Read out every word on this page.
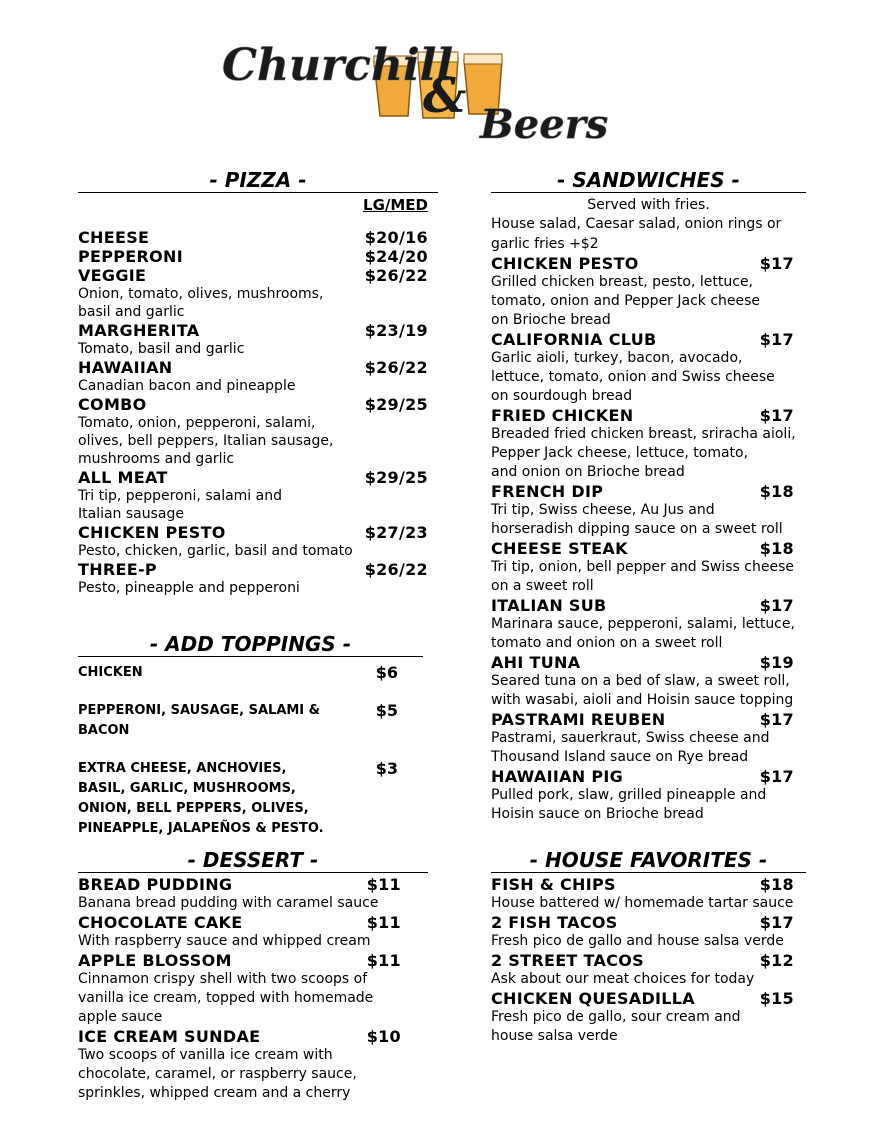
Churchill
&
Beers
- PIZZA -
LG/MED
CHEESE	$20/16
PEPPERONI	$24/20
VEGGIE	$26/22
Onion, tomato, olives, mushrooms,
basil and garlic
MARGHERITA	$23/19
Tomato, basil and garlic
HAWAIIAN	$26/22
Canadian bacon and pineapple
COMBO	$29/25
Tomato, onion, pepperoni, salami,
olives, bell peppers, Italian sausage,
mushrooms and garlic
ALL MEAT	$29/25
Tri tip, pepperoni, salami and
Italian sausage
CHICKEN PESTO	$27/23
Pesto, chicken, garlic, basil and tomato
THREE-P	$26/22
Pesto, pineapple and pepperoni
- ADD TOPPINGS -
CHICKEN	$6
PEPPERONI, SAUSAGE, SALAMI &
BACON
$5
EXTRA CHEESE, ANCHOVIES,
BASIL, GARLIC, MUSHROOMS,
ONION, BELL PEPPERS, OLIVES,
PINEAPPLE, JALAPEÑOS & PESTO.
$3
- DESSERT -
BREAD PUDDING	$11
Banana bread pudding with caramel sauce
CHOCOLATE CAKE	$11
With raspberry sauce and whipped cream
APPLE BLOSSOM	$11
Cinnamon crispy shell with two scoops of
vanilla ice cream, topped with homemade
apple sauce
ICE CREAM SUNDAE	$10
Two scoops of vanilla ice cream with
chocolate, caramel, or raspberry sauce,
sprinkles, whipped cream and a cherry
- SANDWICHES -
Served with fries.
House salad, Caesar salad, onion rings or
garlic fries +$2
CHICKEN PESTO	$17
Grilled chicken breast, pesto, lettuce,
tomato, onion and Pepper Jack cheese
on Brioche bread
CALIFORNIA CLUB	$17
Garlic aioli, turkey, bacon, avocado,
lettuce, tomato, onion and Swiss cheese
on sourdough bread
FRIED CHICKEN	$17
Breaded fried chicken breast, sriracha aioli,
Pepper Jack cheese, lettuce, tomato,
and onion on Brioche bread
FRENCH DIP	$18
Tri tip, Swiss cheese, Au Jus and
horseradish dipping sauce on a sweet roll
CHEESE STEAK	$18
Tri tip, onion, bell pepper and Swiss cheese
on a sweet roll
ITALIAN SUB	$17
Marinara sauce, pepperoni, salami, lettuce,
tomato and onion on a sweet roll
AHI TUNA	$19
Seared tuna on a bed of slaw, a sweet roll,
with wasabi, aioli and Hoisin sauce topping
PASTRAMI REUBEN	$17
Pastrami, sauerkraut, Swiss cheese and
Thousand Island sauce on Rye bread
HAWAIIAN PIG	$17
Pulled pork, slaw, grilled pineapple and
Hoisin sauce on Brioche bread
- HOUSE FAVORITES -
FISH & CHIPS	$18
House battered w/ homemade tartar sauce
2 FISH TACOS	$17
Fresh pico de gallo and house salsa verde
2 STREET TACOS	$12
Ask about our meat choices for today
CHICKEN QUESADILLA	$15
Fresh pico de gallo, sour cream and
house salsa verde
